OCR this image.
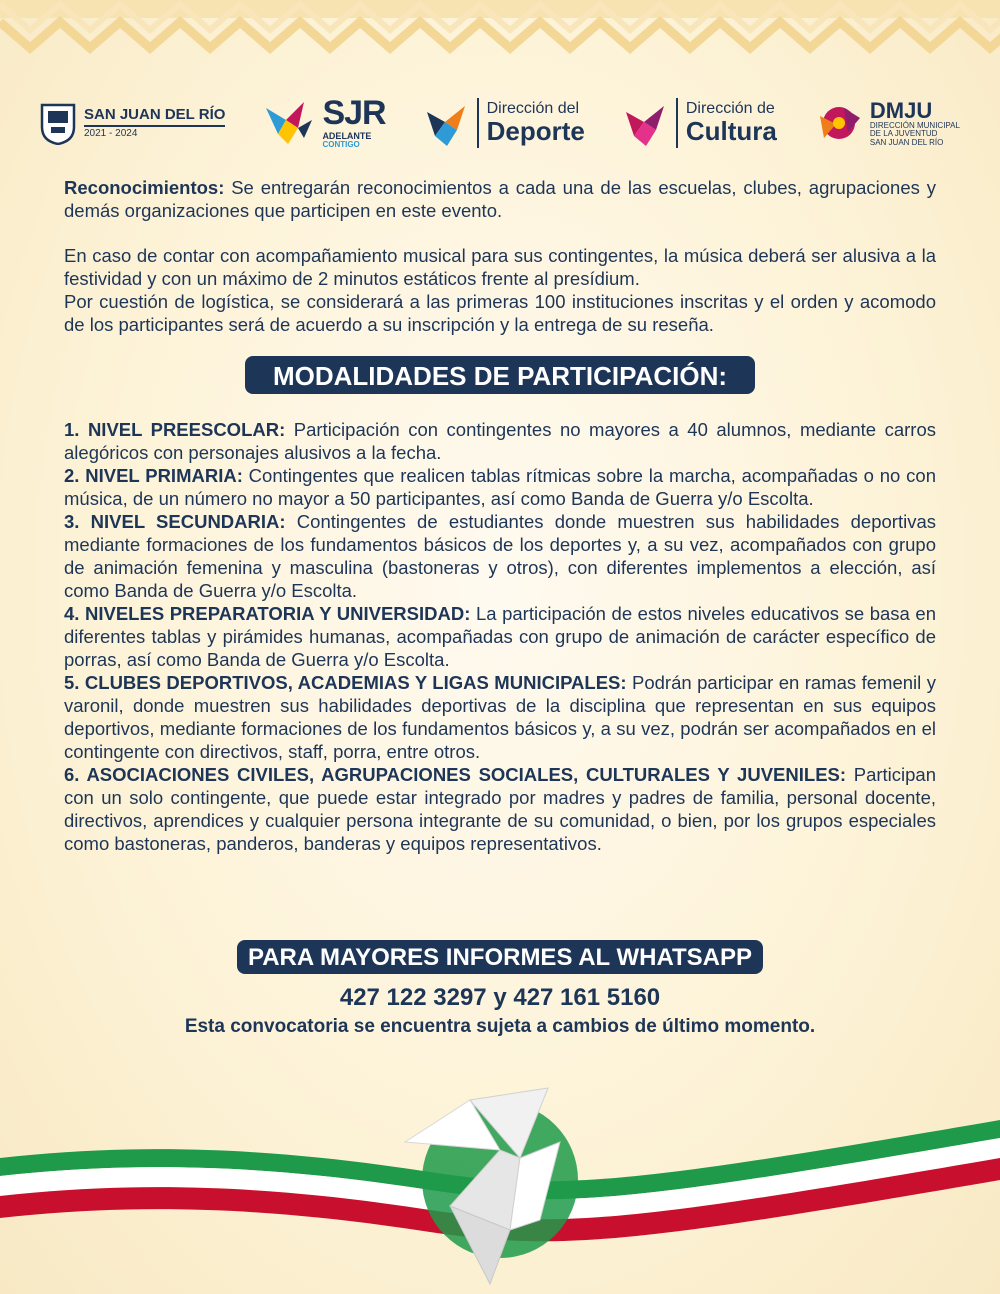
SAN JUAN DEL RÍO
2021 - 2024
SJR
ADELANTE
CONTIGO
Dirección del
Deporte
Dirección de
Cultura
DMJU
DIRECCIÓN MUNICIPAL
DE LA JUVENTUD
SAN JUAN DEL RÍO
Reconocimientos: Se entregarán reconocimientos a cada una de las escuelas, clubes, agrupaciones y demás organizaciones que participen en este evento.
En caso de contar con acompañamiento musical para sus contingentes, la música deberá ser alusiva a la festividad y con un máximo de 2 minutos estáticos frente al presídium.
Por cuestión de logística, se considerará a las primeras 100 instituciones inscritas y el orden y acomodo de los participantes será de acuerdo a su inscripción y la entrega de su reseña.
MODALIDADES DE PARTICIPACIÓN:

1. NIVEL PREESCOLAR: Participación con contingentes no mayores a 40 alumnos, mediante carros alegóricos con personajes alusivos a la fecha.

2. NIVEL PRIMARIA: Contingentes que realicen tablas rítmicas sobre la marcha, acompañadas o no con música, de un número no mayor a 50 participantes, así como Banda de Guerra y/o Escolta.

3. NIVEL SECUNDARIA: Contingentes de estudiantes donde muestren sus habilidades deportivas mediante formaciones de los fundamentos básicos de los deportes y, a su vez, acompañados con grupo de animación femenina y masculina (bastoneras y otros), con diferentes implementos a elección, así como Banda de Guerra y/o Escolta.

4. NIVELES PREPARATORIA Y UNIVERSIDAD: La participación de estos niveles educativos se basa en diferentes tablas y pirámides humanas, acompañadas con grupo de animación de carácter específico de porras, así como Banda de Guerra y/o Escolta.

5. CLUBES DEPORTIVOS, ACADEMIAS Y LIGAS MUNICIPALES: Podrán participar en ramas femenil y varonil, donde muestren sus habilidades deportivas de la disciplina que representan en sus equipos deportivos, mediante formaciones de los fundamentos básicos y, a su vez, podrán ser acompañados en el contingente con directivos, staff, porra, entre otros.

6. ASOCIACIONES CIVILES, AGRUPACIONES SOCIALES, CULTURALES Y JUVENILES: Participan con un solo contingente, que puede estar integrado por madres y padres de familia, personal docente, directivos, aprendices y cualquier persona integrante de su comunidad, o bien, por los grupos especiales como bastoneras, panderos, banderas y equipos representativos.

PARA MAYORES INFORMES AL WHATSAPP
427 122 3297 y 427 161 5160
Esta convocatoria se encuentra sujeta a cambios de último momento.
